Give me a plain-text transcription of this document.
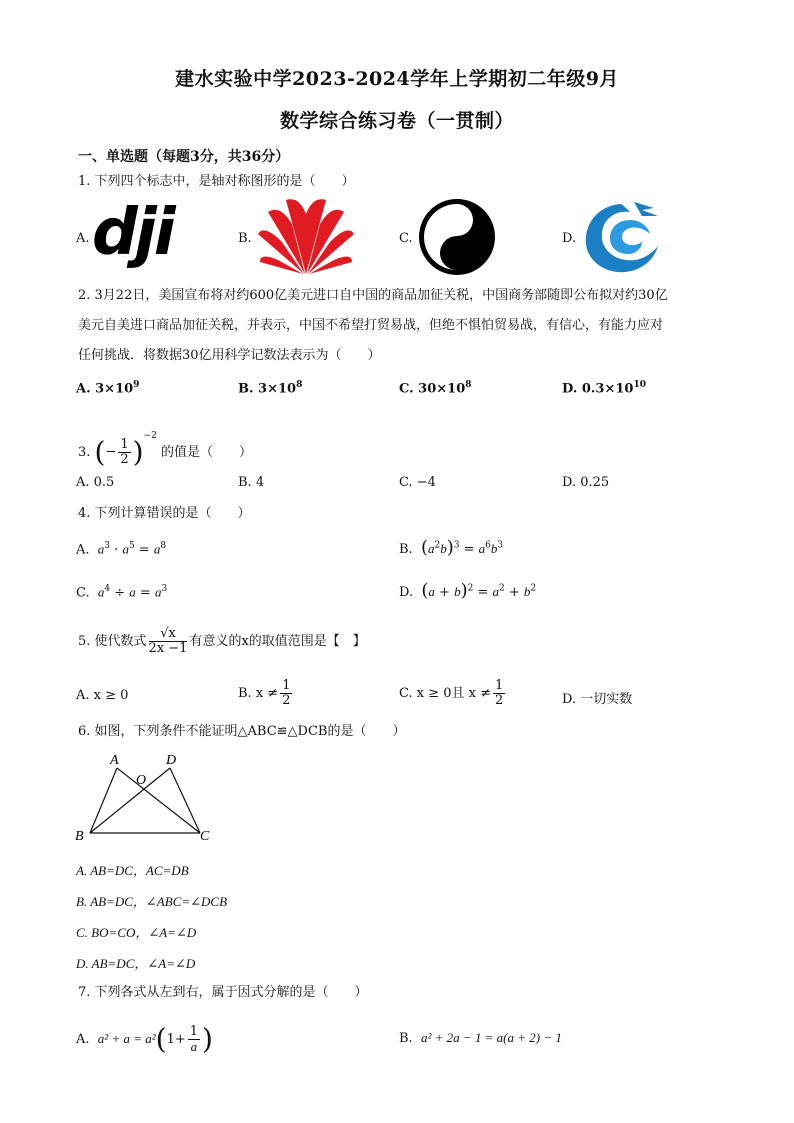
建水实验中学2023-2024学年上学期初二年级9月
数学综合练习卷（一贯制）
一、单选题（每题3分，共36分）
1. 下列四个标志中，是轴对称图形的是（　　）
A. dji	B.	C.	D.
2. 3月22日，美国宣布将对约600亿美元进口自中国的商品加征关税，中国商务部随即公布拟对约30亿
美元自美进口商品加征关税，并表示，中国不希望打贸易战，但绝不惧怕贸易战，有信心，有能力应对
任何挑战．将数据30亿用科学记数法表示为（　　）
A. $3\times 10^9$	B. $3\times 10^8$	C. $30\times 10^8$	D. $0.3\times 10^{10}$
3. (− $\frac{1}{2} )^{-2}$ 的值是（　　）
A. 0.5	B. 4	C. −4	D. 0.25
4. 下列计算错误的是（　　）
A. $a^3 \cdot a^5 = a^8$	B. $(a^2b)^3 = a^6b^3$
C. $a^4 \div a = a^3$	D. $(a + b)^2 = a^2 + b^2$
5. 使代数式 $\frac{√x}{2x -1}$ 有意义的x的取值范围是【　】
A. x ≥ 0	B. $x \ne \frac{1}{2}$	C. x ≥ 0且 $x \ne \frac{1}{2}$	D. 一切实数
6. 如图，下列条件不能证明△ABC≌△DCB的是（　　）
A	D
O
B	C
A. AB=DC，AC=DB
B. AB=DC，∠ABC=∠DCB
C. BO=CO，∠A=∠D
D. AB=DC，∠A=∠D
7. 下列各式从左到右，属于因式分解的是（　　）
A. $a^2 + a = a^2(1+ \frac{1}{a}$ )	B. a² + 2a − 1 = a(a + 2) − 1
